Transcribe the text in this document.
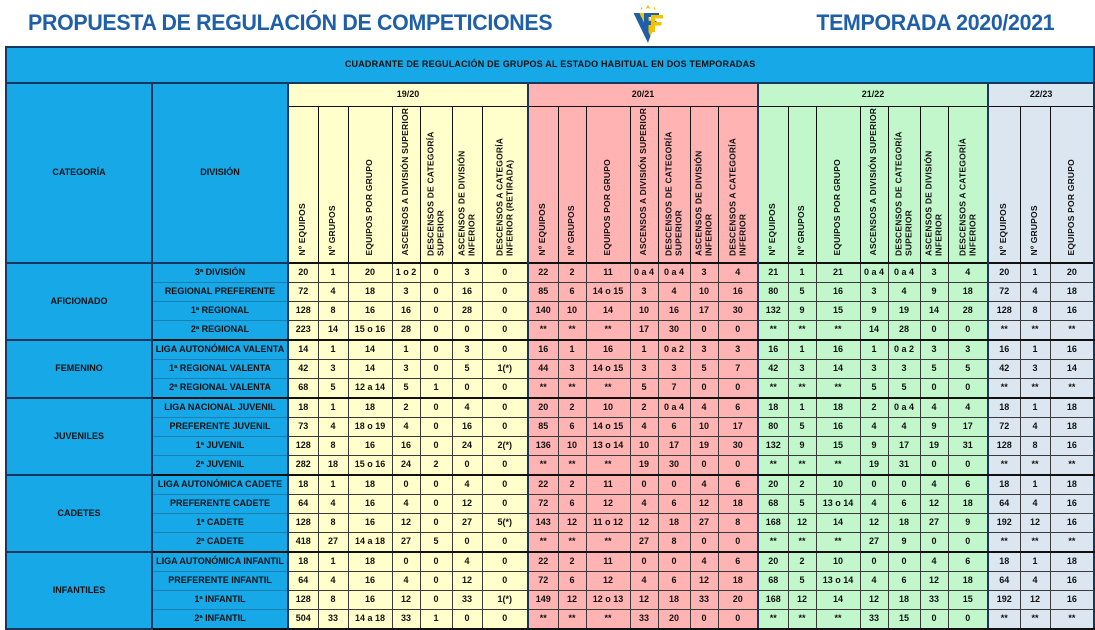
PROPUESTA DE REGULACIÓN DE COMPETICIONES	TEMPORADA 2020/2021
CUADRANTE DE REGULACIÓN DE GRUPOS AL ESTADO HABITUAL EN DOS TEMPORADAS																									
CATEGORÍA	DIVISIÓN	19/20							20/21							21/22							22/23		

		Nº EQUIPOS	Nº GRUPOS	EQUIPOS POR GRUPO	ASCENSOS A DIVISIÓN SUPERIOR	DESCENSOS DE CATEGORÍA SUPERIOR	ASCENSOS DE DIVISIÓN INFERIOR	DESCENSOS A CATEGORÍA INFERIOR (RETIRADA)	Nº EQUIPOS	Nº GRUPOS	EQUIPOS POR GRUPO	ASCENSOS A DIVISIÓN SUPERIOR	DESCENSOS DE CATEGORÍA SUPERIOR	ASCENSOS DE DIVISIÓN INFERIOR	DESCENSOS A CATEGORÍA INFERIOR	Nº EQUIPOS	Nº GRUPOS	EQUIPOS POR GRUPO	ASCENSOS A DIVISIÓN SUPERIOR	DESCENSOS DE CATEGORÍA SUPERIOR	ASCENSOS DE DIVISIÓN INFERIOR	DESCENSOS A CATEGORÍA INFERIOR	Nº EQUIPOS	Nº GRUPOS	EQUIPOS POR GRUPO

AFICIONADO	3ª DIVISIÓN	20	1	20	1 o 2	0	3	0	22	2	11	0 a 4	0 a 4	3	4	21	1	21	0 a 4	0 a 4	3	4	20	1	20
	REGIONAL PREFERENTE	72	4	18	3	0	16	0	85	6	14 o 15	3	4	10	16	80	5	16	3	4	9	18	72	4	18
	1ª REGIONAL	128	8	16	16	0	28	0	140	10	14	10	16	17	30	132	9	15	9	19	14	28	128	8	16
	2ª REGIONAL	223	14	15 o 16	28	0	0	0	**	**	**	17	30	0	0	**	**	**	14	28	0	0	**	**	**
FEMENINO	LIGA AUTONÓMICA VALENTA	14	1	14	1	0	3	0	16	1	16	1	0 a 2	3	3	16	1	16	1	0 a 2	3	3	16	1	16
	1ª REGIONAL VALENTA	42	3	14	3	0	5	1(*)	44	3	14 o 15	3	3	5	7	42	3	14	3	3	5	5	42	3	14
	2ª REGIONAL VALENTA	68	5	12 a 14	5	1	0	0	**	**	**	5	7	0	0	**	**	**	5	5	0	0	**	**	**
JUVENILES	LIGA NACIONAL JUVENIL	18	1	18	2	0	4	0	20	2	10	2	0 a 4	4	6	18	1	18	2	0 a 4	4	4	18	1	18
	PREFERENTE JUVENIL	73	4	18 o 19	4	0	16	0	85	6	14 o 15	4	6	10	17	80	5	16	4	4	9	17	72	4	18
	1ª JUVENIL	128	8	16	16	0	24	2(*)	136	10	13 o 14	10	17	19	30	132	9	15	9	17	19	31	128	8	16
	2ª JUVENIL	282	18	15 o 16	24	2	0	0	**	**	**	19	30	0	0	**	**	**	19	31	0	0	**	**	**
CADETES	LIGA AUTONÓMICA CADETE	18	1	18	0	0	4	0	22	2	11	0	0	4	6	20	2	10	0	0	4	6	18	1	18
	PREFERENTE CADETE	64	4	16	4	0	12	0	72	6	12	4	6	12	18	68	5	13 o 14	4	6	12	18	64	4	16
	1ª CADETE	128	8	16	12	0	27	5(*)	143	12	11 o 12	12	18	27	8	168	12	14	12	18	27	9	192	12	16
	2ª CADETE	418	27	14 a 18	27	5	0	0	**	**	**	27	8	0	0	**	**	**	27	9	0	0	**	**	**
INFANTILES	LIGA AUTONÓMICA INFANTIL	18	1	18	0	0	4	0	22	2	11	0	0	4	6	20	2	10	0	0	4	6	18	1	18
	PREFERENTE INFANTIL	64	4	16	4	0	12	0	72	6	12	4	6	12	18	68	5	13 o 14	4	6	12	18	64	4	16
	1ª INFANTIL	128	8	16	12	0	33	1(*)	149	12	12 o 13	12	18	33	20	168	12	14	12	18	33	15	192	12	16
	2ª INFANTIL	504	33	14 a 18	33	1	0	0	**	**	**	33	20	0	0	**	**	**	33	15	0	0	**	**	**
